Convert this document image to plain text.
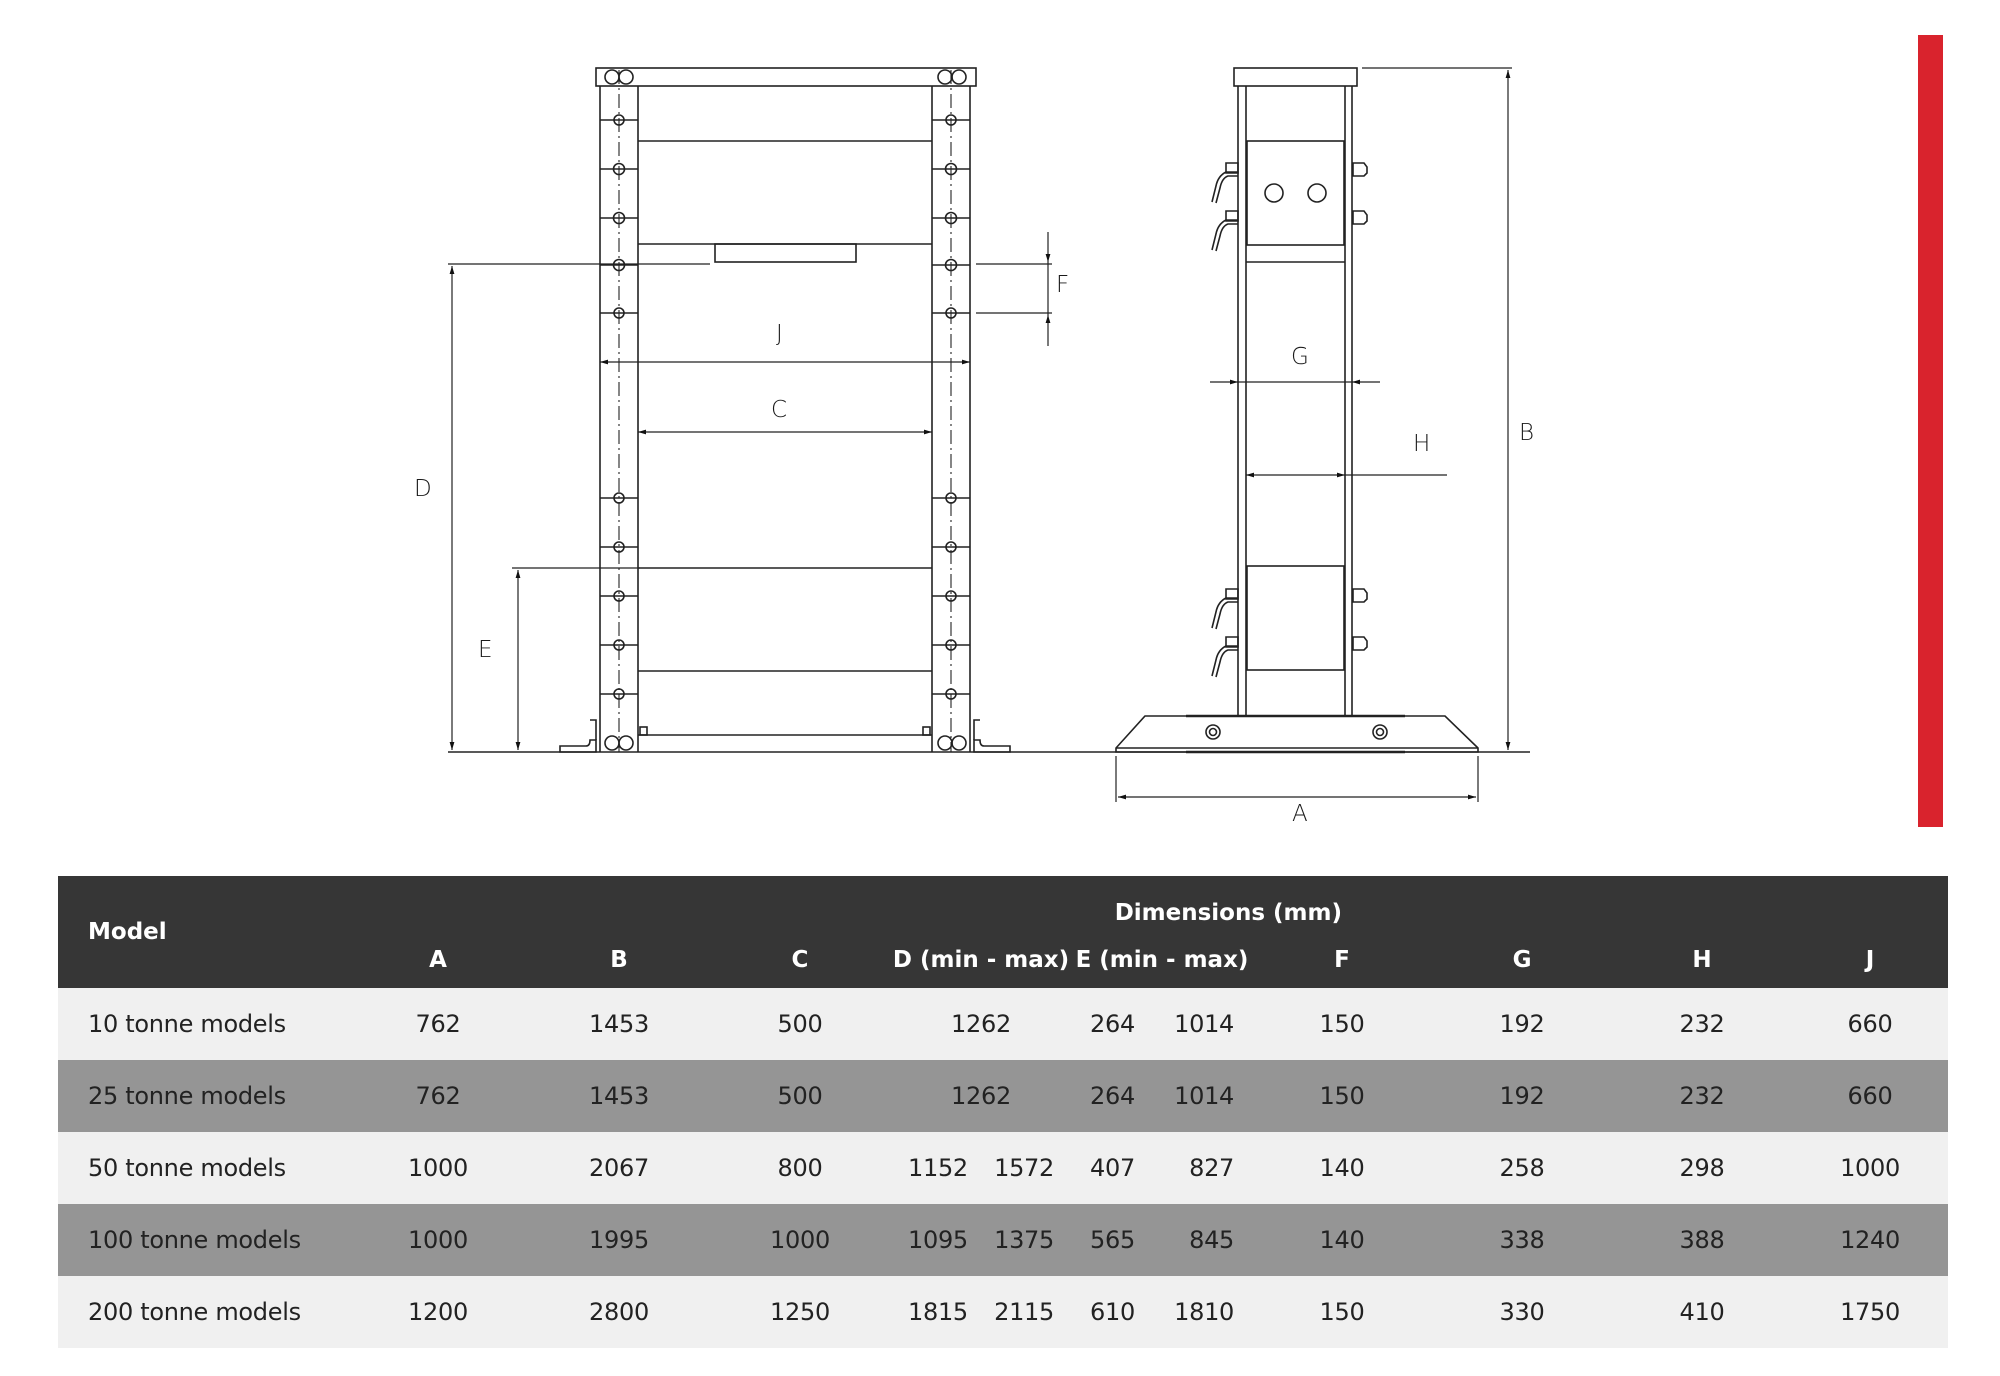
D
E
F
J
C
G
H	B
A
Model				Dimensions (mm)					
	A	B	C	D (min - max)	E (min - max)	F	G	H	J
10 tonne models	762	1453	500	1262	264 1014	150	192	232	660
25 tonne models	762	1453	500	1262	264 1014	150	192	232	660
50 tonne models	1000	2067	800	1152 1572	407 827	140	258	298	1000
100 tonne models	1000	1995	1000	1095 1375	565 845	140	338	388	1240
200 tonne models	1200	2800	1250	1815 2115	610 1810	150	330	410	1750
